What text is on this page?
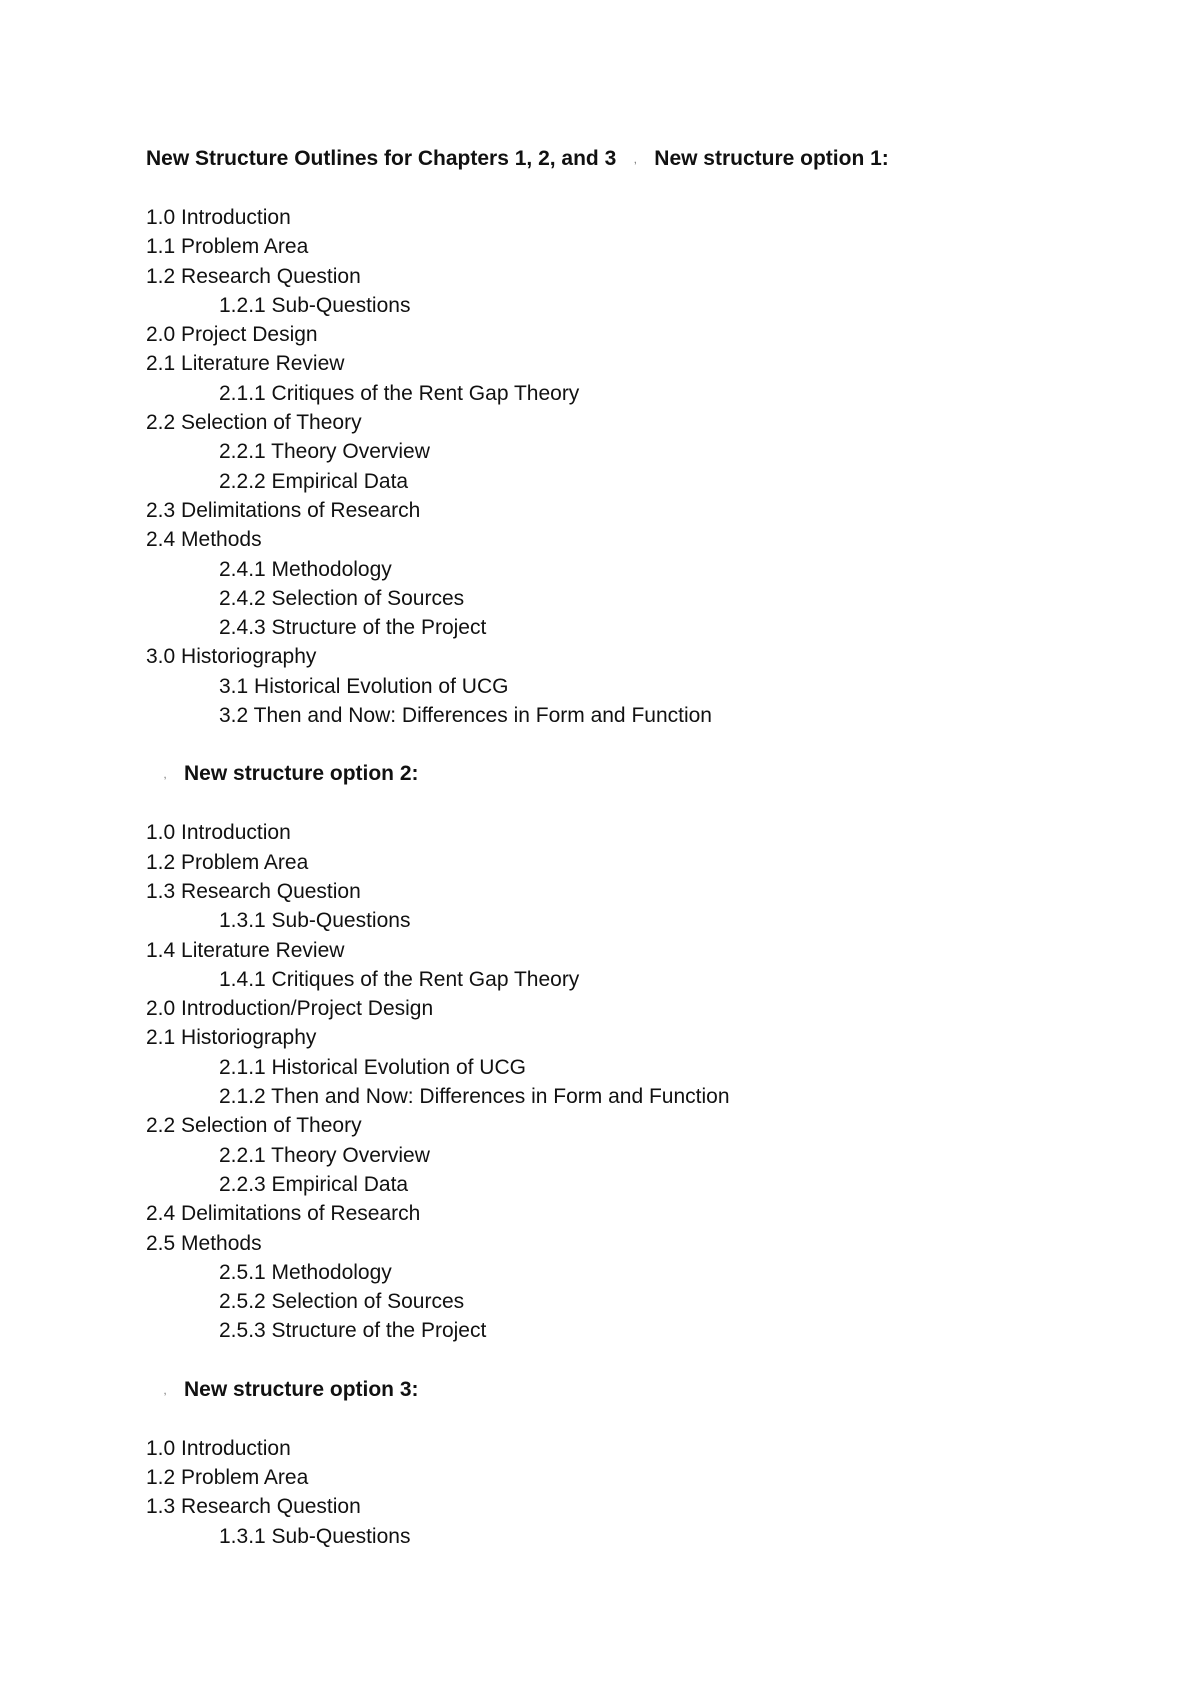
New Structure Outlines for Chapters 1, 2, and 3 , New structure option 1:
1.0 Introduction
1.1 Problem Area
1.2 Research Question
1.2.1 Sub-Questions
2.0 Project Design
2.1 Literature Review
2.1.1 Critiques of the Rent Gap Theory
2.2 Selection of Theory
2.2.1 Theory Overview
2.2.2 Empirical Data
2.3 Delimitations of Research
2.4 Methods
2.4.1 Methodology
2.4.2 Selection of Sources
2.4.3 Structure of the Project
3.0 Historiography
3.1 Historical Evolution of UCG
3.2 Then and Now: Differences in Form and Function
, New structure option 2:
1.0 Introduction
1.2 Problem Area
1.3 Research Question
1.3.1 Sub-Questions
1.4 Literature Review
1.4.1 Critiques of the Rent Gap Theory
2.0 Introduction/Project Design
2.1 Historiography
2.1.1 Historical Evolution of UCG
2.1.2 Then and Now: Differences in Form and Function
2.2 Selection of Theory
2.2.1 Theory Overview
2.2.3 Empirical Data
2.4 Delimitations of Research
2.5 Methods
2.5.1 Methodology
2.5.2 Selection of Sources
2.5.3 Structure of the Project
, New structure option 3:
1.0 Introduction
1.2 Problem Area
1.3 Research Question
1.3.1 Sub-Questions
